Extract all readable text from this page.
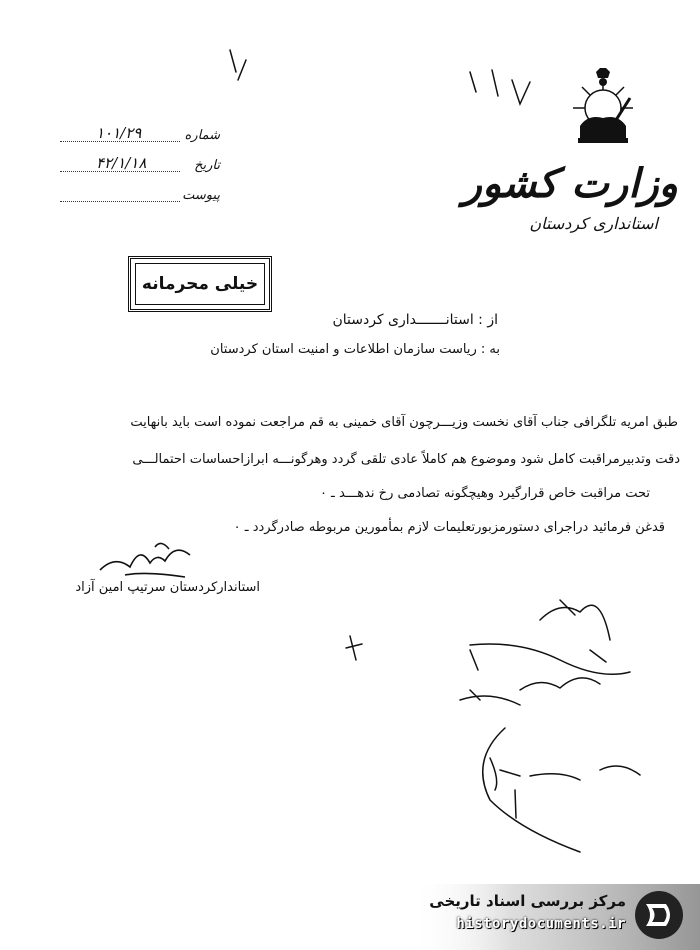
وزارت کشور
استانداری کردستان
شماره
۱۰۱/۲۹
تاریخ
۴۲/۱/۱۸
پیوست
خیلی محرمانه
از : استانـــــــداری کردستان
به : ریاست سازمان اطلاعات و امنیت استان کردستان
طبق امریه تلگرافی جناب آقای نخست وزیـــرچون آقای خمینی به قم مراجعت نموده است باید بانهایت
دقت وتدبیرمراقبت کامل شود وموضوع هم کاملاً عادی تلقی گردد وهرگونـــه ابرازاحساسات احتمالـــی
تحت مراقبت خاص قرارگیرد وهیچگونه تصادمی رخ ندهـــد ـ ۰
قدغن فرمائید دراجرای دستورمزبورتعلیمات لازم بمأمورین مربوطه صادرگردد ـ ۰
استانداركردستان سرتیپ امین آزاد
مرکز بررسی اسناد تاریخی
historydocuments.ir
